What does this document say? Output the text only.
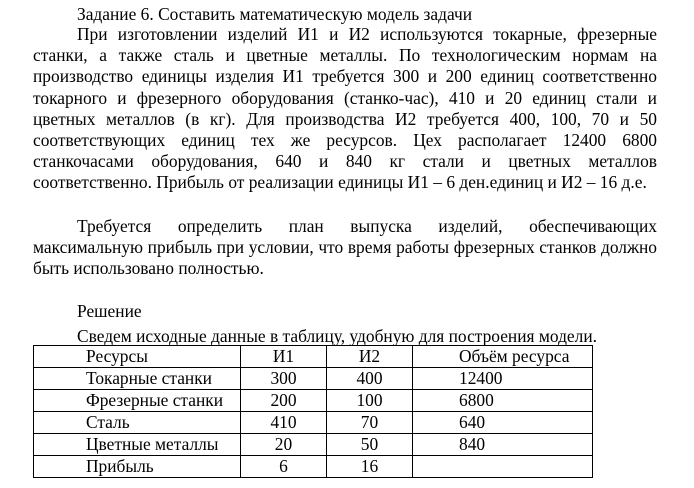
Задание 6. Составить математическую модель задачи

При изготовлении изделий И1 и И2 используются токарные, фрезерные станки, а также сталь и цветные металлы. По технологическим нормам на производство единицы изделия И1 требуется 300 и 200 единиц соответственно токарного и фрезерного оборудования (станко-час), 410 и 20 единиц стали и цветных металлов (в кг). Для производства И2 требуется 400, 100, 70 и 50 соответствующих единиц тех же ресурсов. Цех располагает 12400 6800 станкочасами оборудования, 640 и 840 кг стали и цветных металлов соответственно. Прибыль от реализации единицы И1 – 6 ден.единиц и И2 – 16 д.е.

Требуется определить план выпуска изделий, обеспечивающих максимальную прибыль при условии, что время работы фрезерных станков должно быть использовано полностью.

Решение
Сведем исходные данные в таблицу, удобную для построения модели.
Ресурсы	И1	И2	Объём ресурса
Токарные станки	300	400	12400
Фрезерные станки	200	100	6800
Сталь	410	70	640
Цветные металлы	20	50	840
Прибыль	6	16	
